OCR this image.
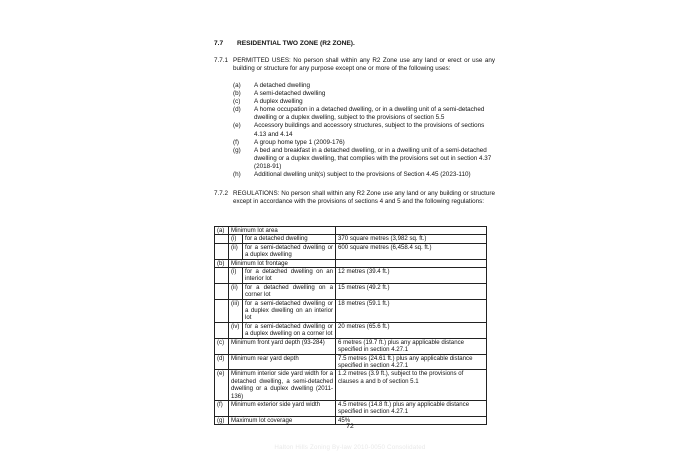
7.7 RESIDENTIAL TWO ZONE (R2 ZONE).
7.7.1 PERMITTED USES: No person shall within any R2 Zone use any land or erect or use any building or structure for any purpose except one or more of the following uses:
(a) A detached dwelling
(b) A semi-detached dwelling
(c) A duplex dwelling
(d) A home occupation in a detached dwelling, or in a dwelling unit of a semi-detached dwelling or a duplex dwelling, subject to the provisions of section 5.5
(e) Accessory buildings and accessory structures, subject to the provisions of sections 4.13 and 4.14
(f) A group home type 1 (2009-176)
(g) A bed and breakfast in a detached dwelling, or in a dwelling unit of a semi-detached dwelling or a duplex dwelling, that complies with the provisions set out in section 4.37 (2018-91)
(h) Additional dwelling unit(s) subject to the provisions of Section 4.45 (2023-110)
7.7.2 REGULATIONS: No person shall within any R2 Zone use any land or any building or structure except in accordance with the provisions of sections 4 and 5 and the following regulations:
(a)	Minimum lot area		
	(i)	for a detached dwelling	370 square metres (3,982 sq. ft.)
	(ii)	for a semi-detached dwelling or a duplex dwelling	600 square metres (6,458.4 sq. ft.)
(b)	Minimum lot frontage		
	(i)	for a detached dwelling on an interior lot	12 metres (39.4 ft.)
	(ii)	for a detached dwelling on a corner lot	15 metres (49.2 ft.)
	(iii)	for a semi-detached dwelling or a duplex dwelling on an interior lot	18 metres (59.1 ft.)
	(iv)	for a semi-detached dwelling or a duplex dwelling on a corner lot	20 metres (65.6 ft.)
(c)	Minimum front yard depth (93-284)		6 metres (19.7 ft.) plus any applicable distance specified in section 4.27.1
(d)	Minimum rear yard depth		7.5 metres (24.61 ft.) plus any applicable distance specified in section 4.27.1
(e)	Minimum interior side yard width for a detached dwelling, a semi-detached dwelling or a duplex dwelling (2011-136)		1.2 metres (3.9 ft.), subject to the provisions of clauses a and b of section 5.1
(f)	Minimum exterior side yard width		4.5 metres (14.8 ft.) plus any applicable distance specified in section 4.27.1
(g)	Maximum lot coverage		45%
72
Halton Hills Zoning By-law 2010-0050 Consolidated
